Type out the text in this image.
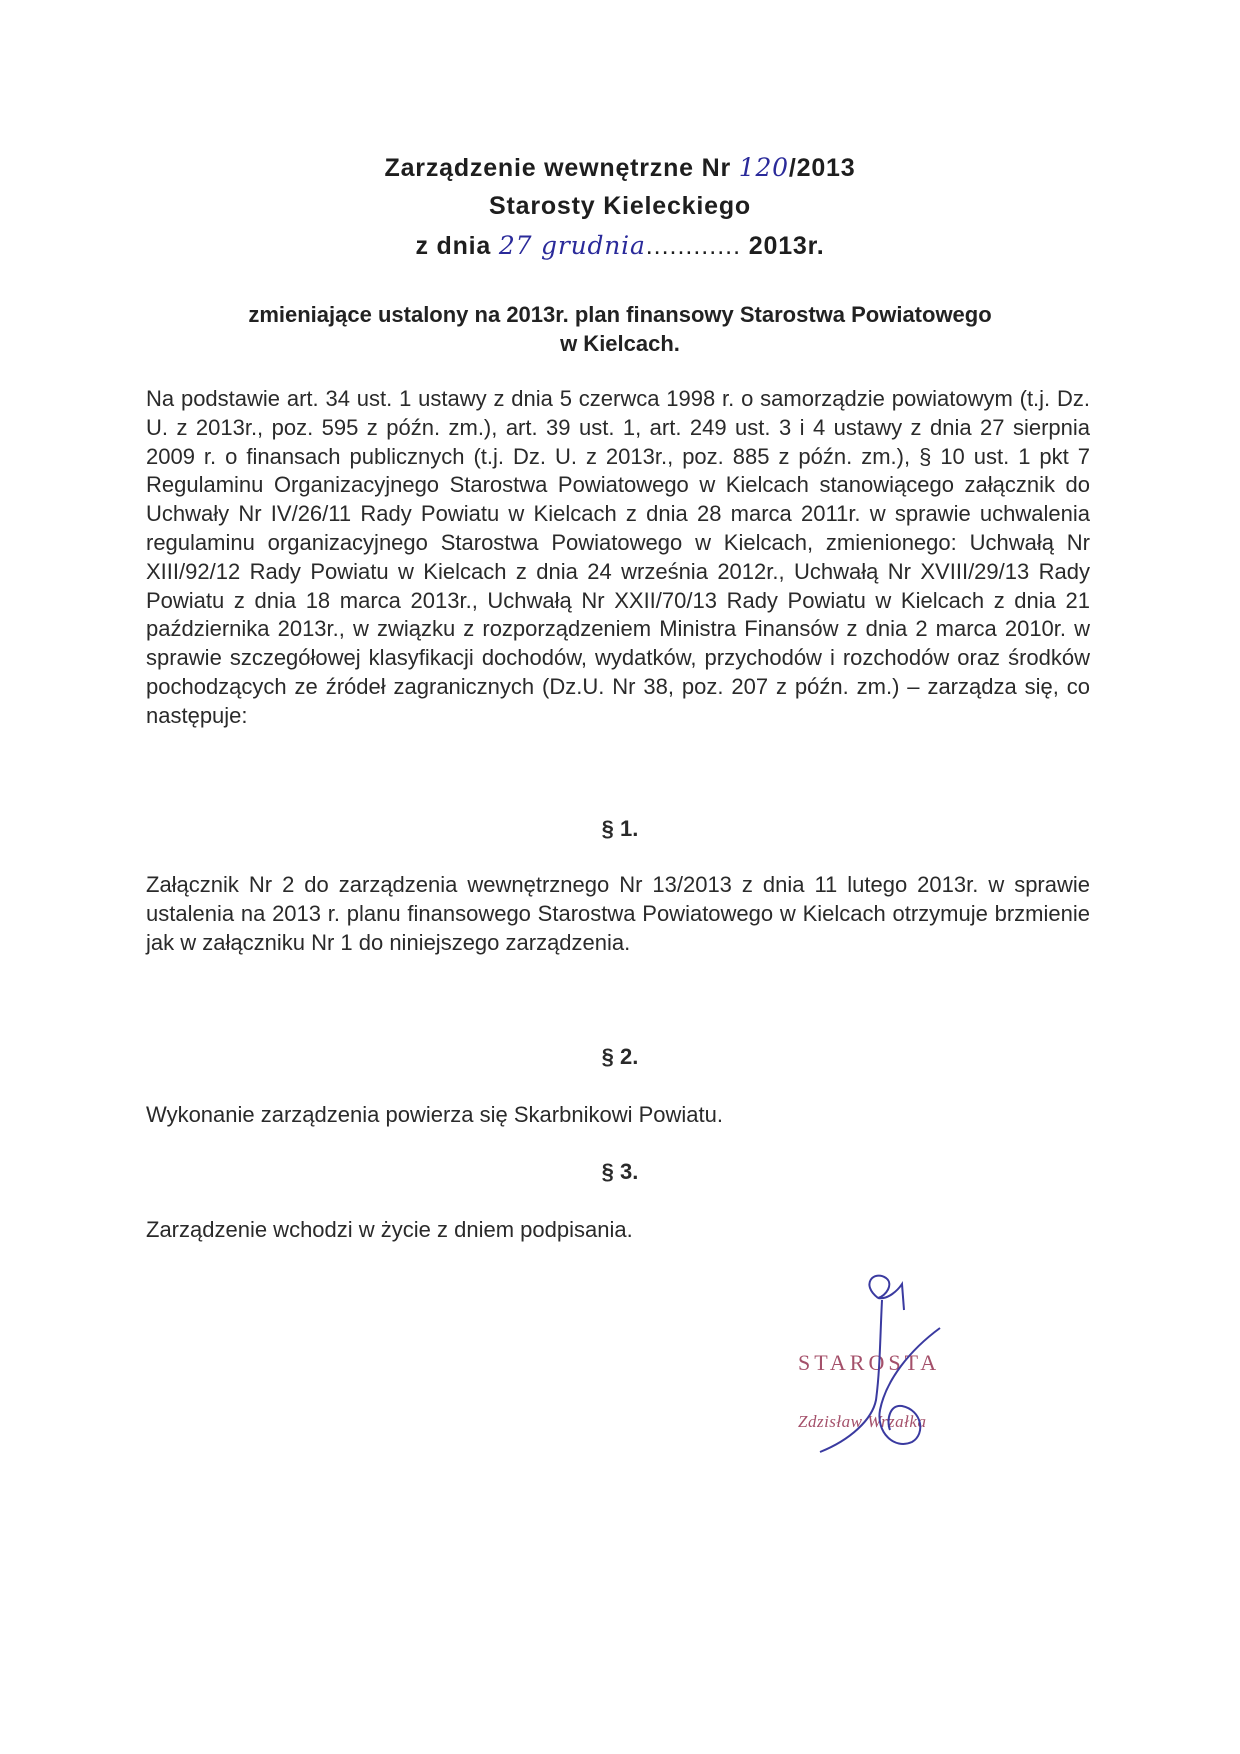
Zarządzenie wewnętrzne Nr 120/2013
Starosty Kieleckiego
z dnia 27 grudnia............ 2013r.
zmieniające ustalony na 2013r. plan finansowy Starostwa Powiatowego
w Kielcach.
Na podstawie art. 34 ust. 1 ustawy z dnia 5 czerwca 1998 r. o samorządzie powiatowym (t.j. Dz. U. z 2013r., poz. 595 z późn. zm.), art. 39 ust. 1, art. 249 ust. 3 i 4 ustawy z dnia 27 sierpnia 2009 r. o finansach publicznych (t.j. Dz. U. z 2013r., poz. 885 z późn. zm.), § 10 ust. 1 pkt 7 Regulaminu Organizacyjnego Starostwa Powiatowego w Kielcach stanowiącego załącznik do Uchwały Nr IV/26/11 Rady Powiatu w Kielcach z dnia 28 marca 2011r. w sprawie uchwalenia regulaminu organizacyjnego Starostwa Powiatowego w Kielcach, zmienionego: Uchwałą Nr XIII/92/12 Rady Powiatu w Kielcach z dnia 24 września 2012r., Uchwałą Nr XVIII/29/13 Rady Powiatu z dnia 18 marca 2013r., Uchwałą Nr XXII/70/13 Rady Powiatu w Kielcach z dnia 21 października 2013r., w związku z rozporządzeniem Ministra Finansów z dnia 2 marca 2010r. w sprawie szczegółowej klasyfikacji dochodów, wydatków, przychodów i rozchodów oraz środków pochodzących ze źródeł zagranicznych (Dz.U. Nr 38, poz. 207 z późn. zm.) – zarządza się, co następuje:
§ 1.
Załącznik Nr 2 do zarządzenia wewnętrznego Nr 13/2013 z dnia 11 lutego 2013r. w sprawie ustalenia na 2013 r. planu finansowego Starostwa Powiatowego w Kielcach otrzymuje brzmienie jak w załączniku Nr 1 do niniejszego zarządzenia.
§ 2.
Wykonanie zarządzenia powierza się Skarbnikowi Powiatu.
§ 3.
Zarządzenie wchodzi w życie z dniem podpisania.
STAROSTA
Zdzisław Wrzałka
